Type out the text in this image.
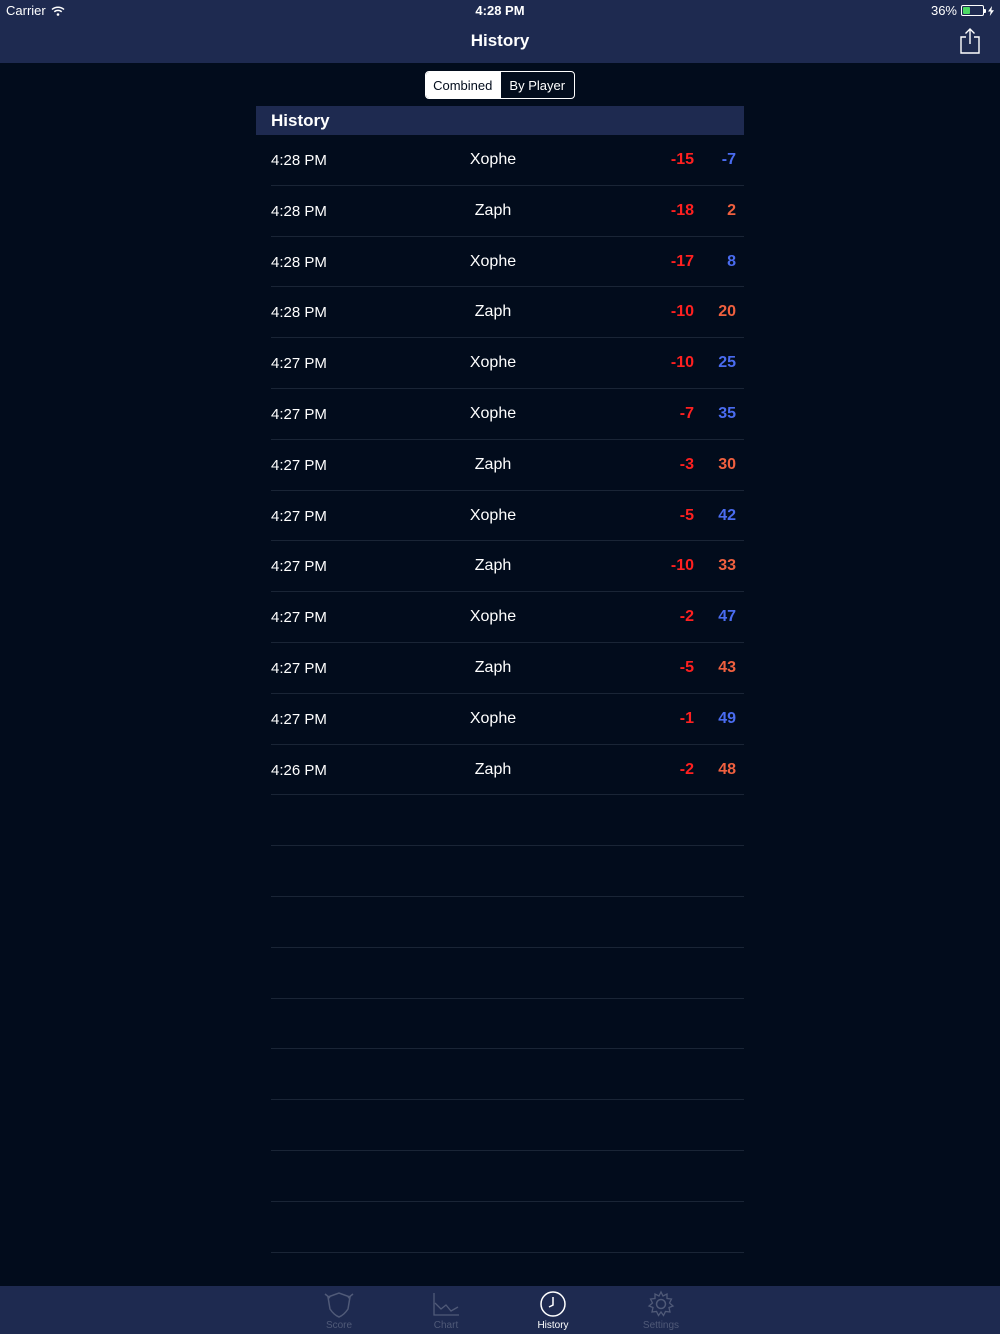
Carrier	4:28 PM	36%
History
Combined	By Player
History
4:28 PM	Xophe	-15 -7
4:28 PM	Zaph	-18 2
4:28 PM	Xophe	-17 8
4:28 PM	Zaph	-10 20
4:27 PM	Xophe	-10 25
4:27 PM	Xophe	-7 35
4:27 PM	Zaph	-3 30
4:27 PM	Xophe	-5 42
4:27 PM	Zaph	-10 33
4:27 PM	Xophe	-2 47
4:27 PM	Zaph	-5 43
4:27 PM	Xophe	-1 49
4:26 PM	Zaph	-2 48
Score	Chart	History	Settings
